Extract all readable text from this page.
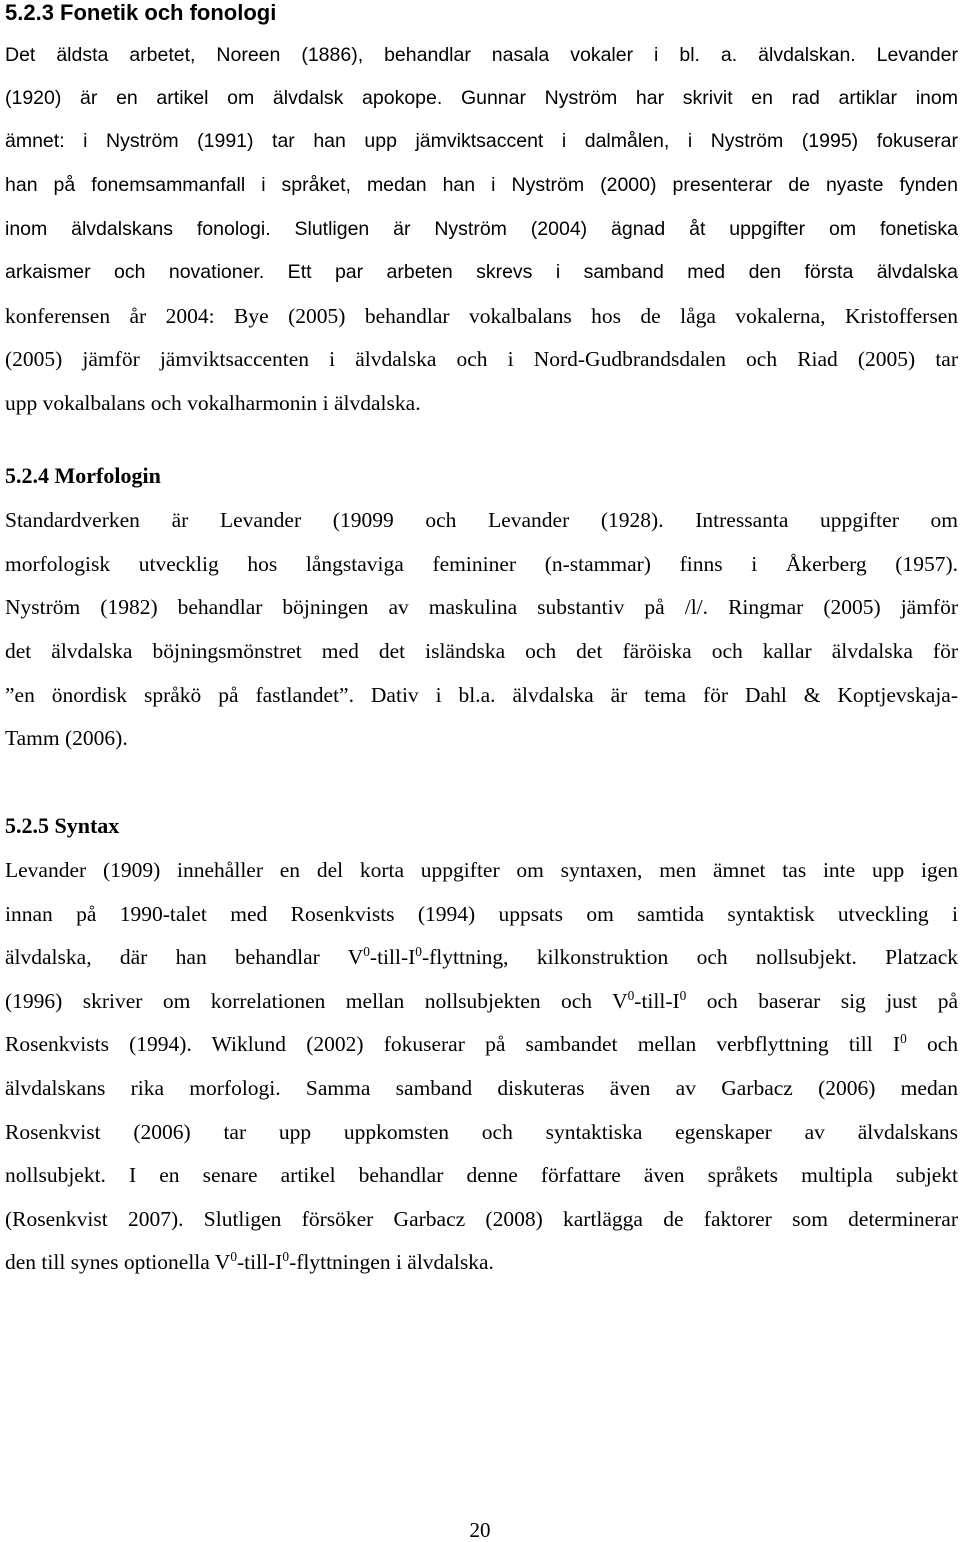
5.2.3 Fonetik och fonologi
Det äldsta arbetet, Noreen (1886), behandlar nasala vokaler i bl. a. älvdalskan. Levander
(1920) är en artikel om älvdalsk apokope. Gunnar Nyström har skrivit en rad artiklar inom
ämnet: i Nyström (1991) tar han upp jämviktsaccent i dalmålen, i Nyström (1995) fokuserar
han på fonemsammanfall i språket, medan han i Nyström (2000) presenterar de nyaste fynden
inom älvdalskans fonologi. Slutligen är Nyström (2004) ägnad åt uppgifter om fonetiska
arkaismer och novationer. Ett par arbeten skrevs i samband med den första älvdalska
konferensen år 2004: Bye (2005) behandlar vokalbalans hos de låga vokalerna, Kristoffersen
(2005) jämför jämviktsaccenten i älvdalska och i Nord-Gudbrandsdalen och Riad (2005) tar
upp vokalbalans och vokalharmonin i älvdalska.
5.2.4 Morfologin
Standardverken är Levander (19099 och Levander (1928). Intressanta uppgifter om
morfologisk utvecklig hos långstaviga femininer (n-stammar) finns i Åkerberg (1957).
Nyström (1982) behandlar böjningen av maskulina substantiv på /l/. Ringmar (2005) jämför
det älvdalska böjningsmönstret med det isländska och det färöiska och kallar älvdalska för
”en önordisk språkö på fastlandet”. Dativ i bl.a. älvdalska är tema för Dahl & Koptjevskaja-
Tamm (2006).
5.2.5 Syntax
Levander (1909) innehåller en del korta uppgifter om syntaxen, men ämnet tas inte upp igen
innan på 1990-talet med Rosenkvists (1994) uppsats om samtida syntaktisk utveckling i
älvdalska, där han behandlar $V^0-till-I^0$-flyttning, kilkonstruktion och nollsubjekt. Platzack
(1996) skriver om korrelationen mellan nollsubjekten och $V^0-till-I^0$ och baserar sig just på
Rosenkvists (1994). Wiklund (2002) fokuserar på sambandet mellan verbflyttning till $I^0$ och
älvdalskans rika morfologi. Samma samband diskuteras även av Garbacz (2006) medan
Rosenkvist (2006) tar upp uppkomsten och syntaktiska egenskaper av älvdalskans
nollsubjekt. I en senare artikel behandlar denne författare även språkets multipla subjekt
(Rosenkvist 2007). Slutligen försöker Garbacz (2008) kartlägga de faktorer som determinerar
den till synes optionella $V^0-till-I^0$-flyttningen i älvdalska.
20
